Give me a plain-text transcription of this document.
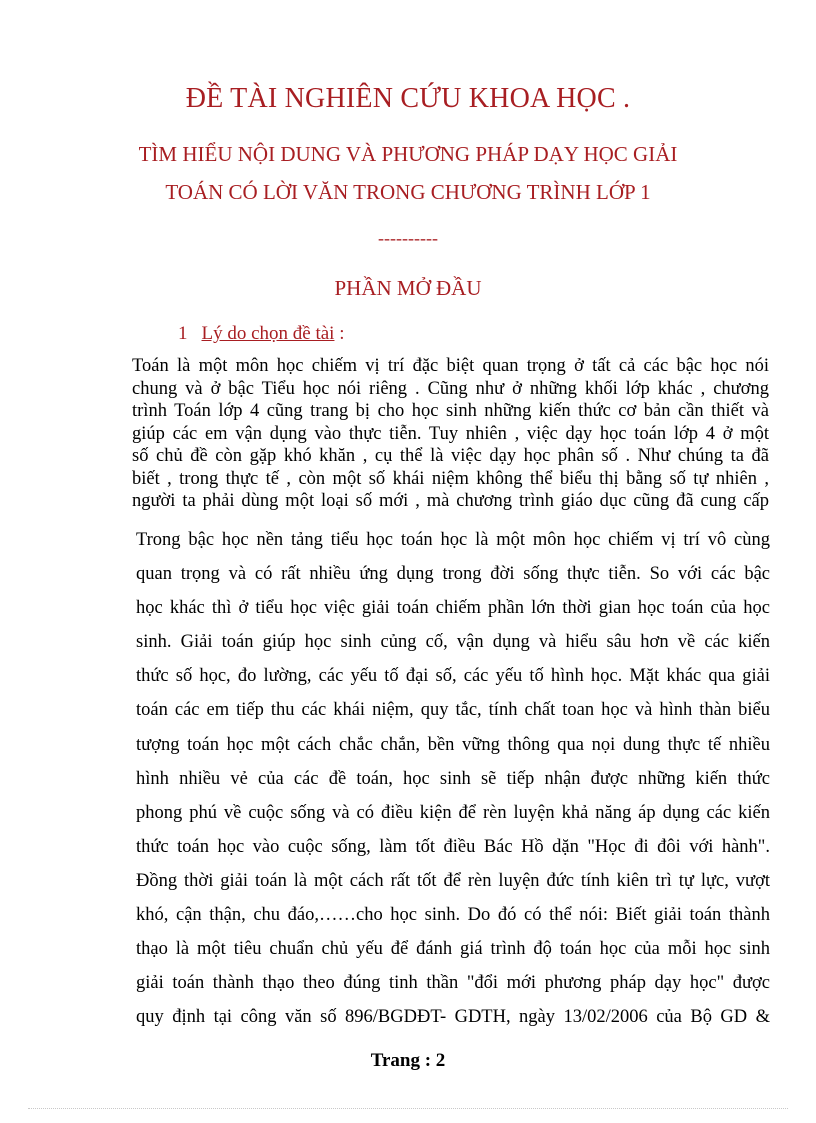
ĐỀ TÀI NGHIÊN CỨU KHOA HỌC .
TÌM HIỂU NỘI DUNG VÀ PHƯƠNG PHÁP DẠY HỌC GIẢI
TOÁN CÓ LỜI VĂN TRONG CHƯƠNG TRÌNH LỚP 1
----------
PHẦN MỞ ĐẦU
1 Lý do chọn đề tài :
Toán là một môn học chiếm vị trí đặc biệt quan trọng ở tất cả các bậc học nói
chung và ở bậc Tiểu học nói riêng . Cũng như ở những khối lớp khác , chương
trình Toán lớp 4 cũng trang bị cho học sinh những kiến thức cơ bản cần thiết và
giúp các em vận dụng vào thực tiễn. Tuy nhiên , việc dạy học toán lớp 4 ở một
số chủ đề còn gặp khó khăn , cụ thể là việc dạy học phân số . Như chúng ta đã
biết , trong thực tế , còn một số khái niệm không thể biểu thị bằng số tự nhiên ,
người ta phải dùng một loại số mới , mà chương trình giáo dục cũng đã cung cấp
Trong bậc học nền tảng tiểu học toán học là một môn học chiếm vị trí vô cùng
quan trọng và có rất nhiều ứng dụng trong đời sống thực tiễn. So với các bậc
học khác thì ở tiểu học việc giải toán chiếm phần lớn thời gian học toán của học
sinh. Giải toán giúp học sinh củng cố, vận dụng và hiểu sâu hơn về các kiến
thức số học, đo lường, các yếu tố đại số, các yếu tố hình học. Mặt khác qua giải
toán các em tiếp thu các khái niệm, quy tắc, tính chất toan học và hình thàn biểu
tượng toán học một cách chắc chắn, bền vững thông qua nọi dung thực tế nhiều
hình nhiều vẻ của các đề toán, học sinh sẽ tiếp nhận được những kiến thức
phong phú về cuộc sống và có điều kiện để rèn luyện khả năng áp dụng các kiến
thức toán học vào cuộc sống, làm tốt điều Bác Hồ dặn "Học đi đôi với hành".
Đồng thời giải toán là một cách rất tốt để rèn luyện đức tính kiên trì tự lực, vượt
khó, cận thận, chu đáo,……cho học sinh. Do đó có thể nói: Biết giải toán thành
thạo là một tiêu chuẩn chủ yếu để đánh giá trình độ toán học của mỗi học sinh
giải toán thành thạo theo đúng tinh thần "đổi mới phương pháp dạy học" được
quy định tại công văn số 896/BGDĐT- GDTH, ngày 13/02/2006 của Bộ GD &
Trang : 2
